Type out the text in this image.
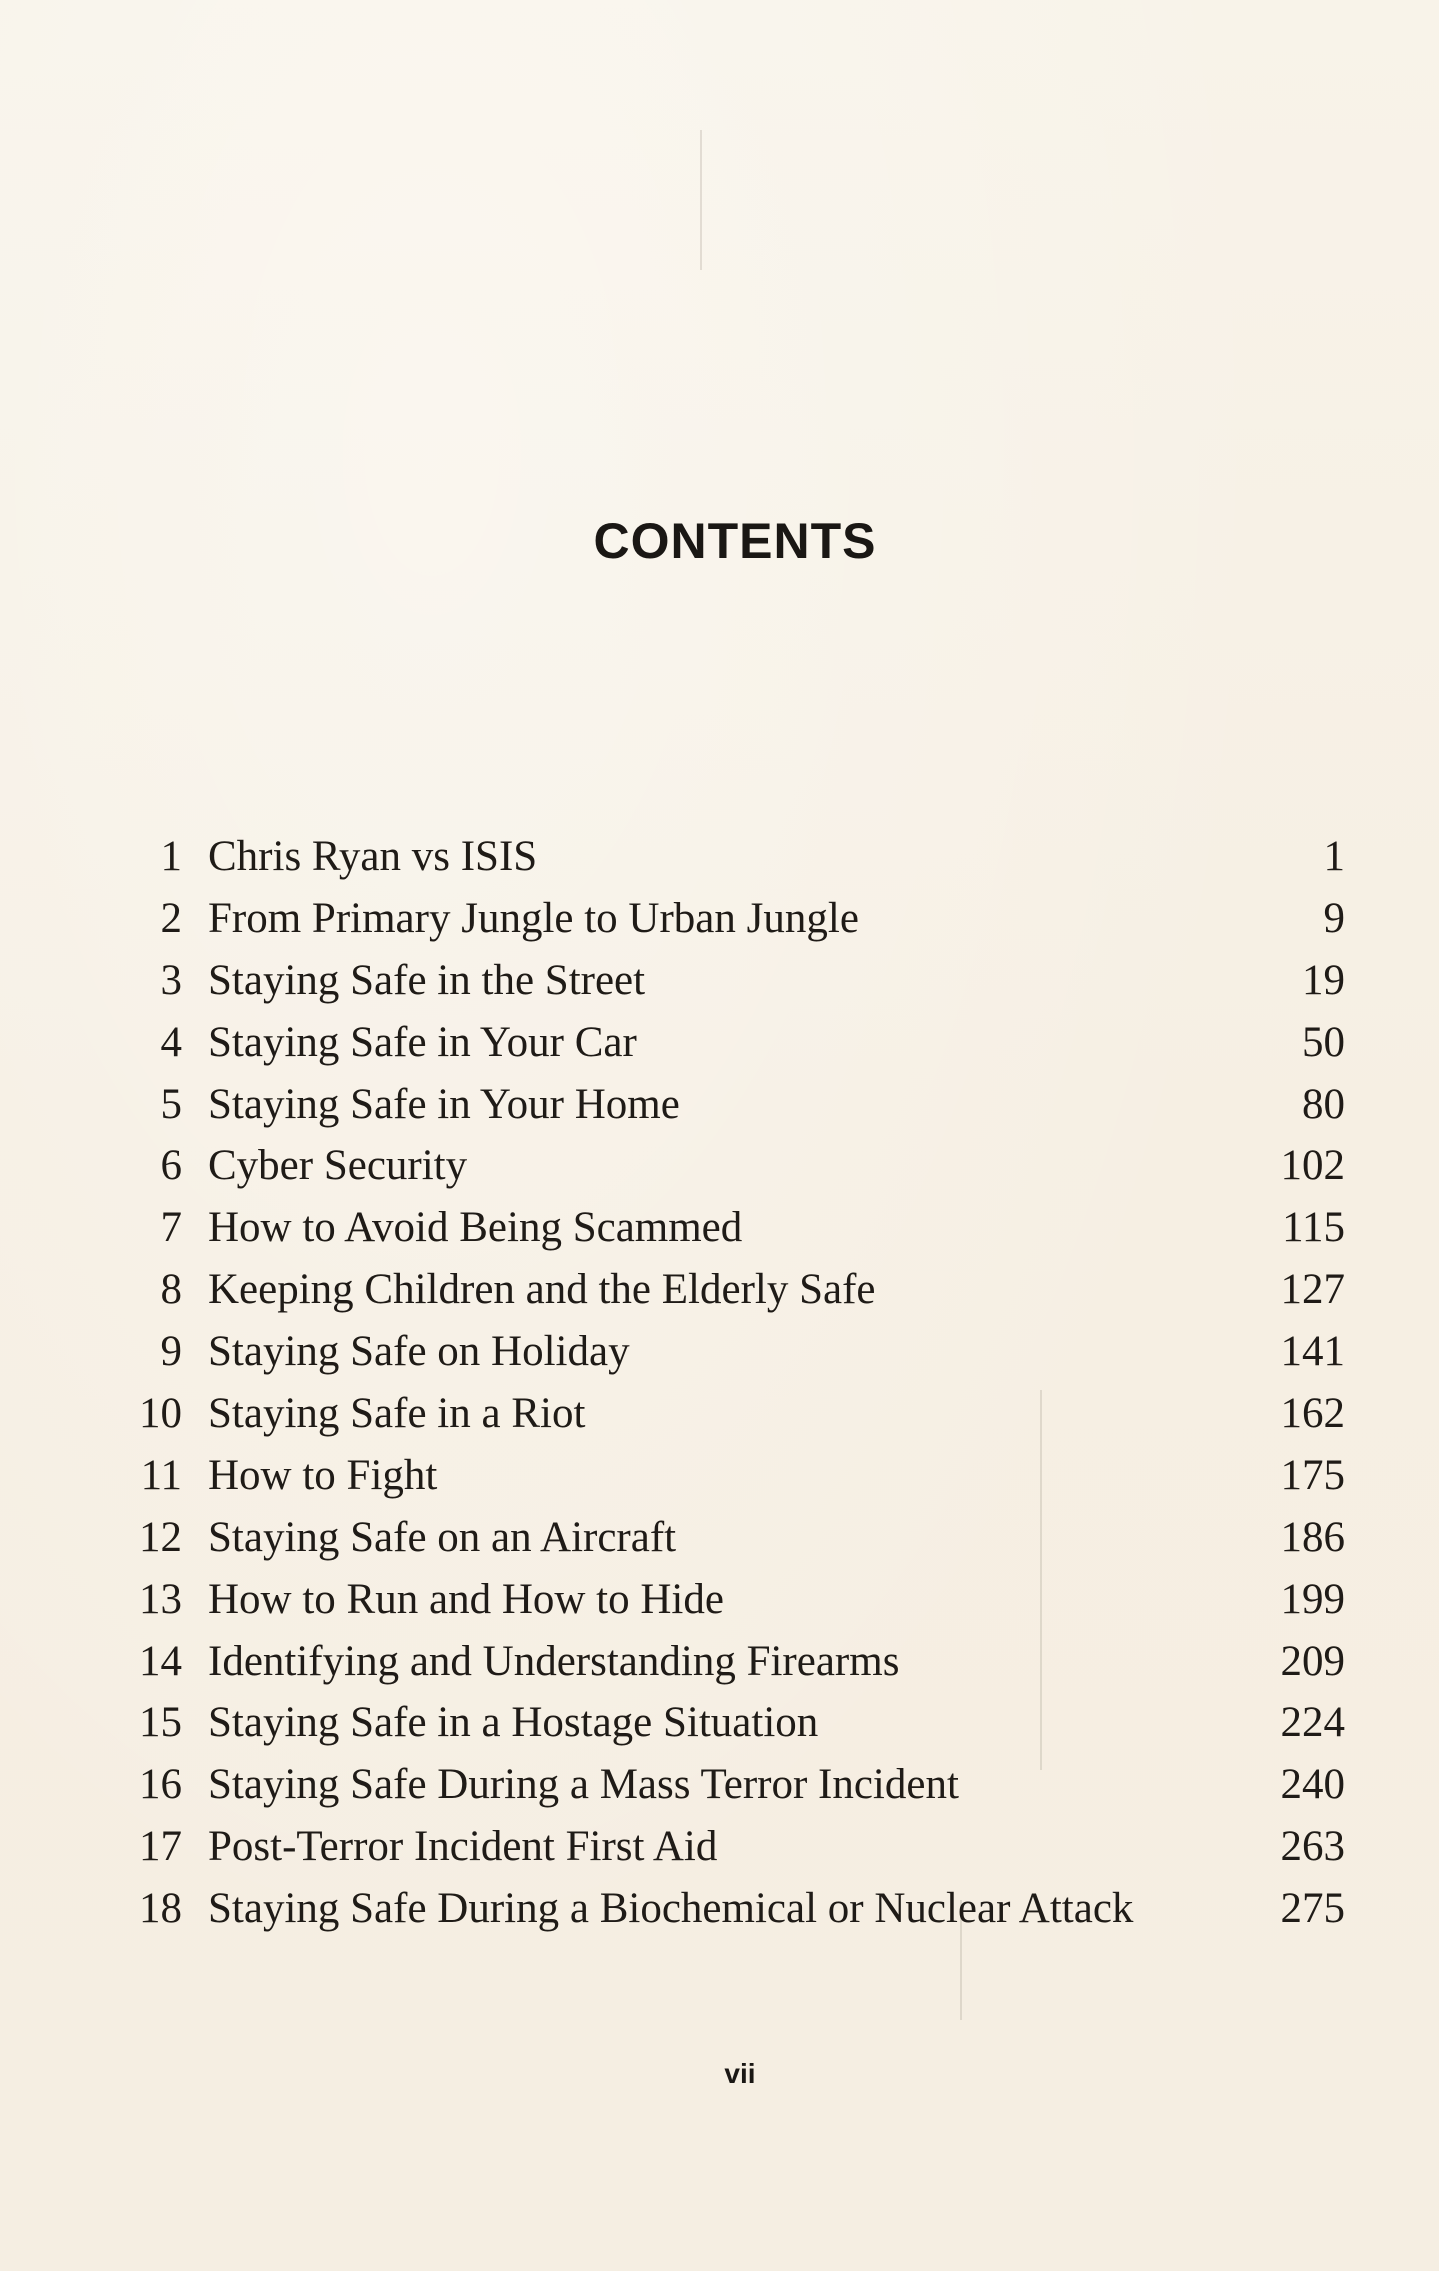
CONTENTS
1 Chris Ryan vs ISIS	1
2 From Primary Jungle to Urban Jungle	9
3 Staying Safe in the Street	19
4 Staying Safe in Your Car	50
5 Staying Safe in Your Home	80
6 Cyber Security	102
7 How to Avoid Being Scammed	115
8 Keeping Children and the Elderly Safe	127
9 Staying Safe on Holiday	141
10 Staying Safe in a Riot	162
11 How to Fight	175
12 Staying Safe on an Aircraft	186
13 How to Run and How to Hide	199
14 Identifying and Understanding Firearms	209
15 Staying Safe in a Hostage Situation	224
16 Staying Safe During a Mass Terror Incident	240
17 Post-Terror Incident First Aid	263
18 Staying Safe During a Biochemical or Nuclear Attack	275
vii
